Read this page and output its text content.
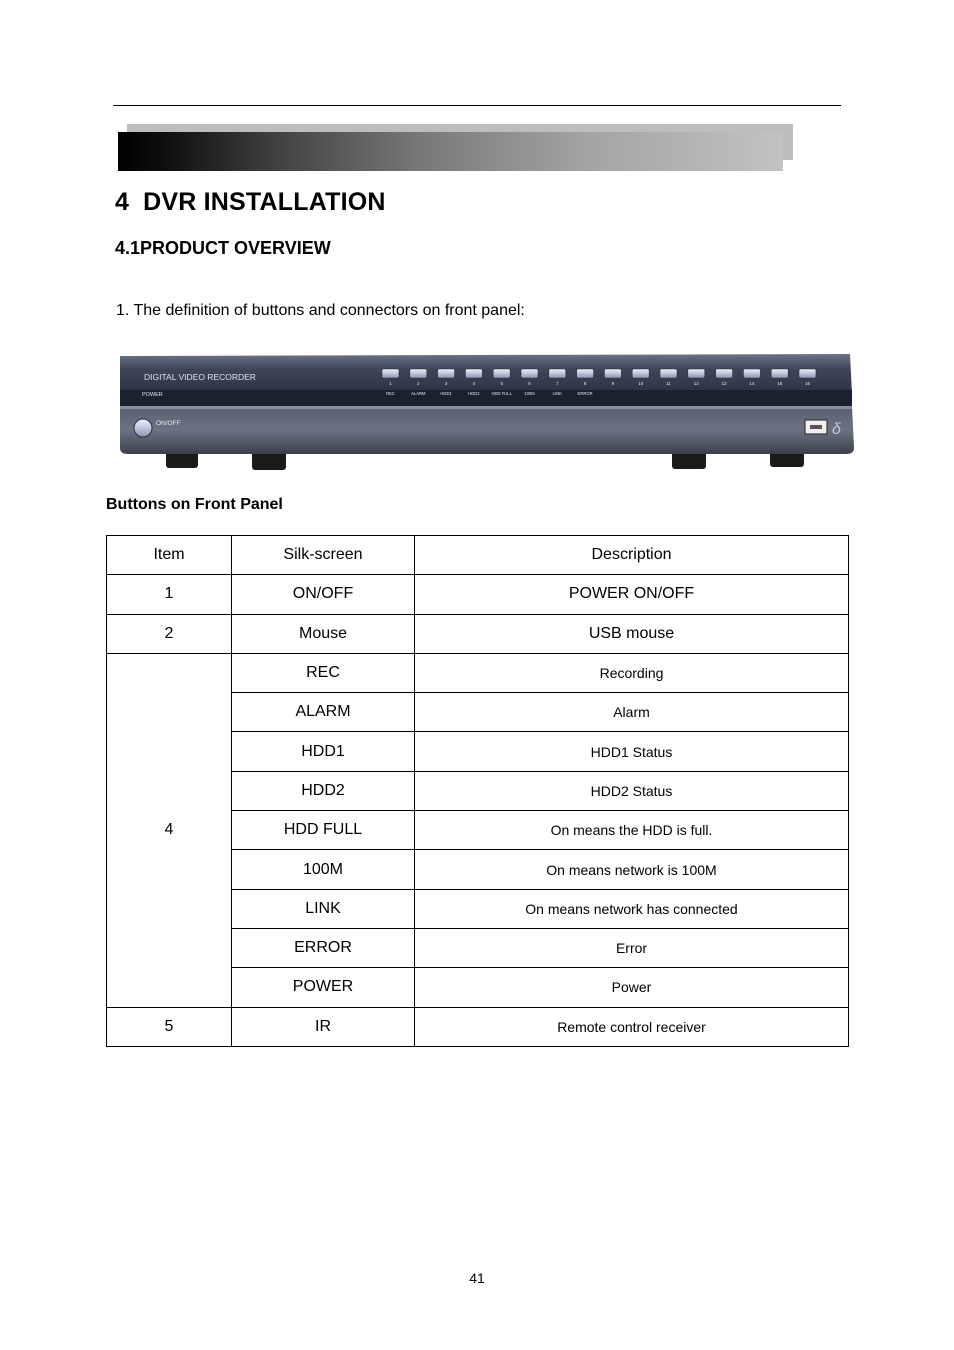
4 DVR INSTALLATION
4.1PRODUCT OVERVIEW

1. The definition of buttons and connectors on front panel:

DIGITAL VIDEO RECORDER
POWER
ON/OFF	δ
1	2	3	4	5	6	7	8	9	10	11	12	13	14	15	16
REC	ALARM	HDD1	HDD2	HDD FULL	100M	LINK	ERROR

Buttons on Front Panel

Item	Silk-screen	Description
1	ON/OFF	POWER ON/OFF
2	Mouse	USB mouse
4	REC	Recording
	ALARM	Alarm
	HDD1	HDD1 Status
	HDD2	HDD2 Status
	HDD FULL	On means the HDD is full.
	100M	On means network is 100M
	LINK	On means network has connected
	ERROR	Error
	POWER	Power
5	IR	Remote control receiver
41
